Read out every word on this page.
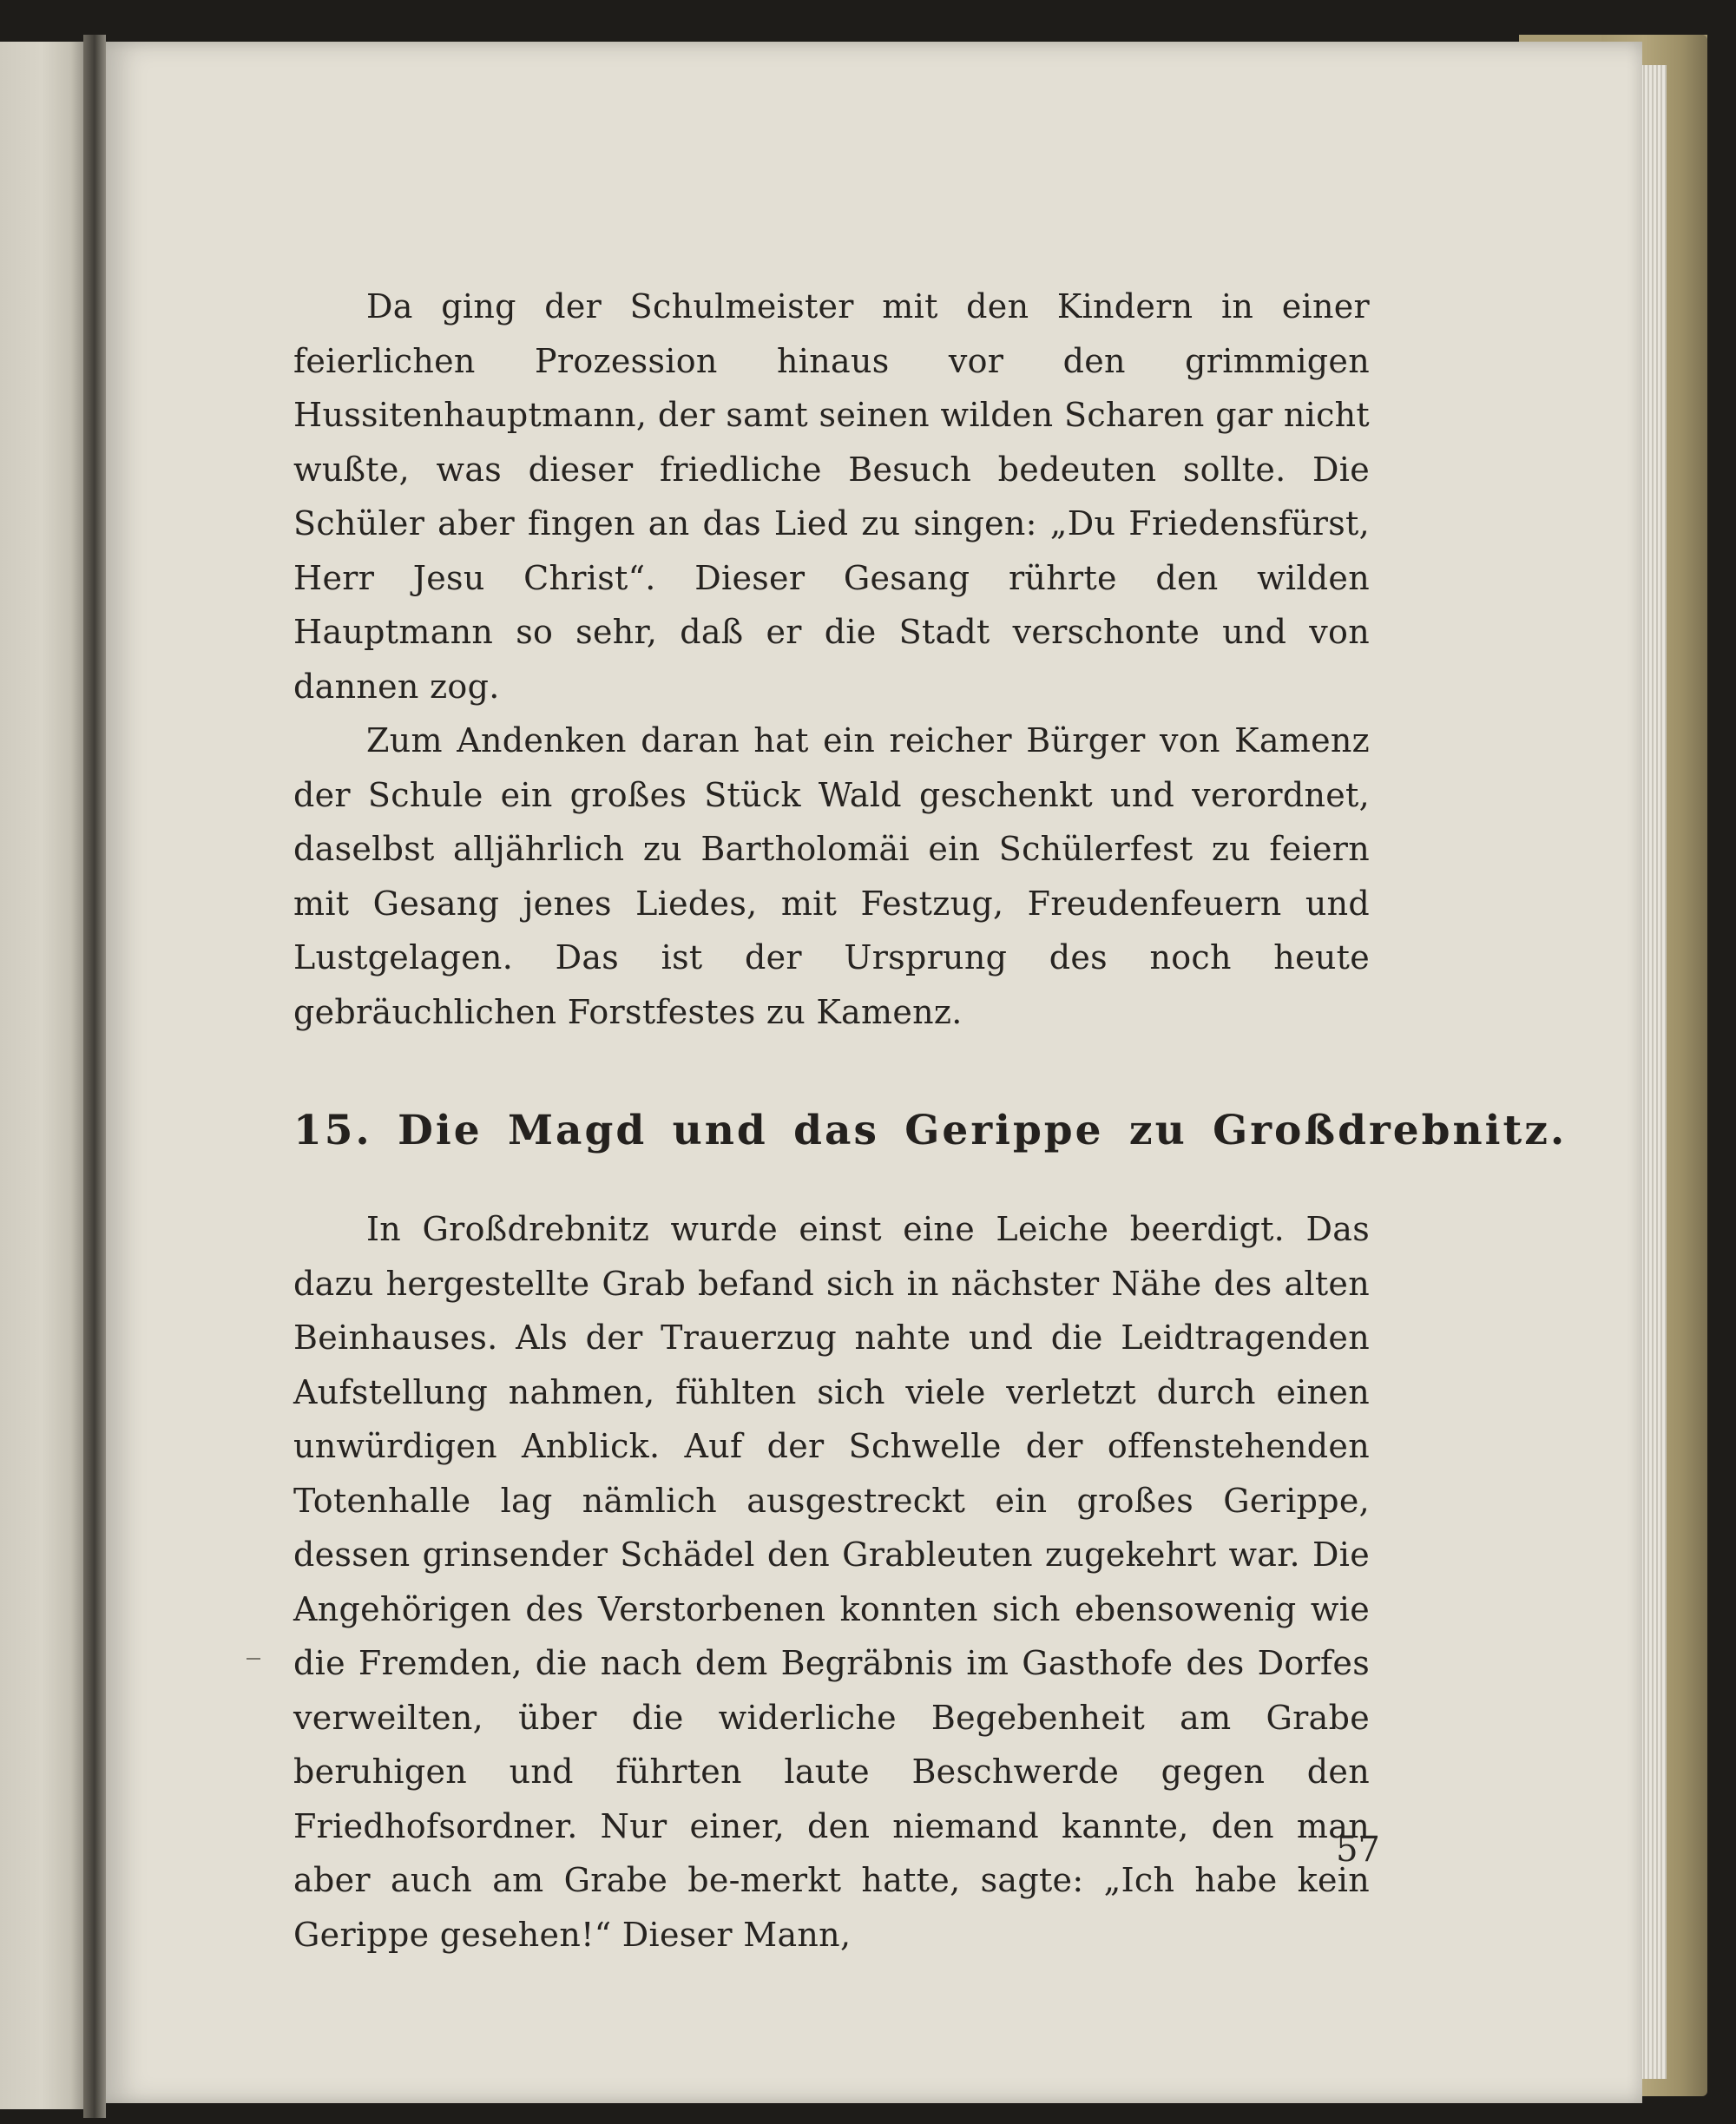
Da ging der Schulmeister mit den Kindern in einer feierlichen Prozession hinaus vor den grimmigen Hussitenhauptmann, der samt seinen wilden Scharen gar nicht wußte, was dieser friedliche Besuch bedeuten sollte. Die Schüler aber fingen an das Lied zu singen: „Du Friedensfürst, Herr Jesu Christ“. Dieser Gesang rührte den wilden Hauptmann so sehr, daß er die Stadt verschonte und von dannen zog.

Zum Andenken daran hat ein reicher Bürger von Kamenz der Schule ein großes Stück Wald geschenkt und verordnet, daselbst alljährlich zu Bartholomäi ein Schülerfest zu feiern mit Gesang jenes Liedes, mit Festzug, Freudenfeuern und Lustgelagen. Das ist der Ursprung des noch heute gebräuchlichen Forstfestes zu Kamenz.

15. Die Magd und das Gerippe zu Großdrebnitz.

In Großdrebnitz wurde einst eine Leiche beerdigt. Das dazu hergestellte Grab befand sich in nächster Nähe des alten Beinhauses. Als der Trauerzug nahte und die Leidtragenden Aufstellung nahmen, fühlten sich viele verletzt durch einen unwürdigen Anblick. Auf der Schwelle der offenstehenden Totenhalle lag nämlich ausgestreckt ein großes Gerippe, dessen grinsender Schädel den Grableuten zugekehrt war. Die Angehörigen des Verstorbenen konnten sich ebensowenig wie die Fremden, die nach dem Begräbnis im Gasthofe des Dorfes verweilten, über die widerliche Begebenheit am Grabe beruhigen und führten laute Beschwerde gegen den Friedhofsordner. Nur einer, den niemand kannte, den man aber auch am Grabe be-merkt hatte, sagte: „Ich habe kein Gerippe gesehen!“ Dieser Mann,

57
